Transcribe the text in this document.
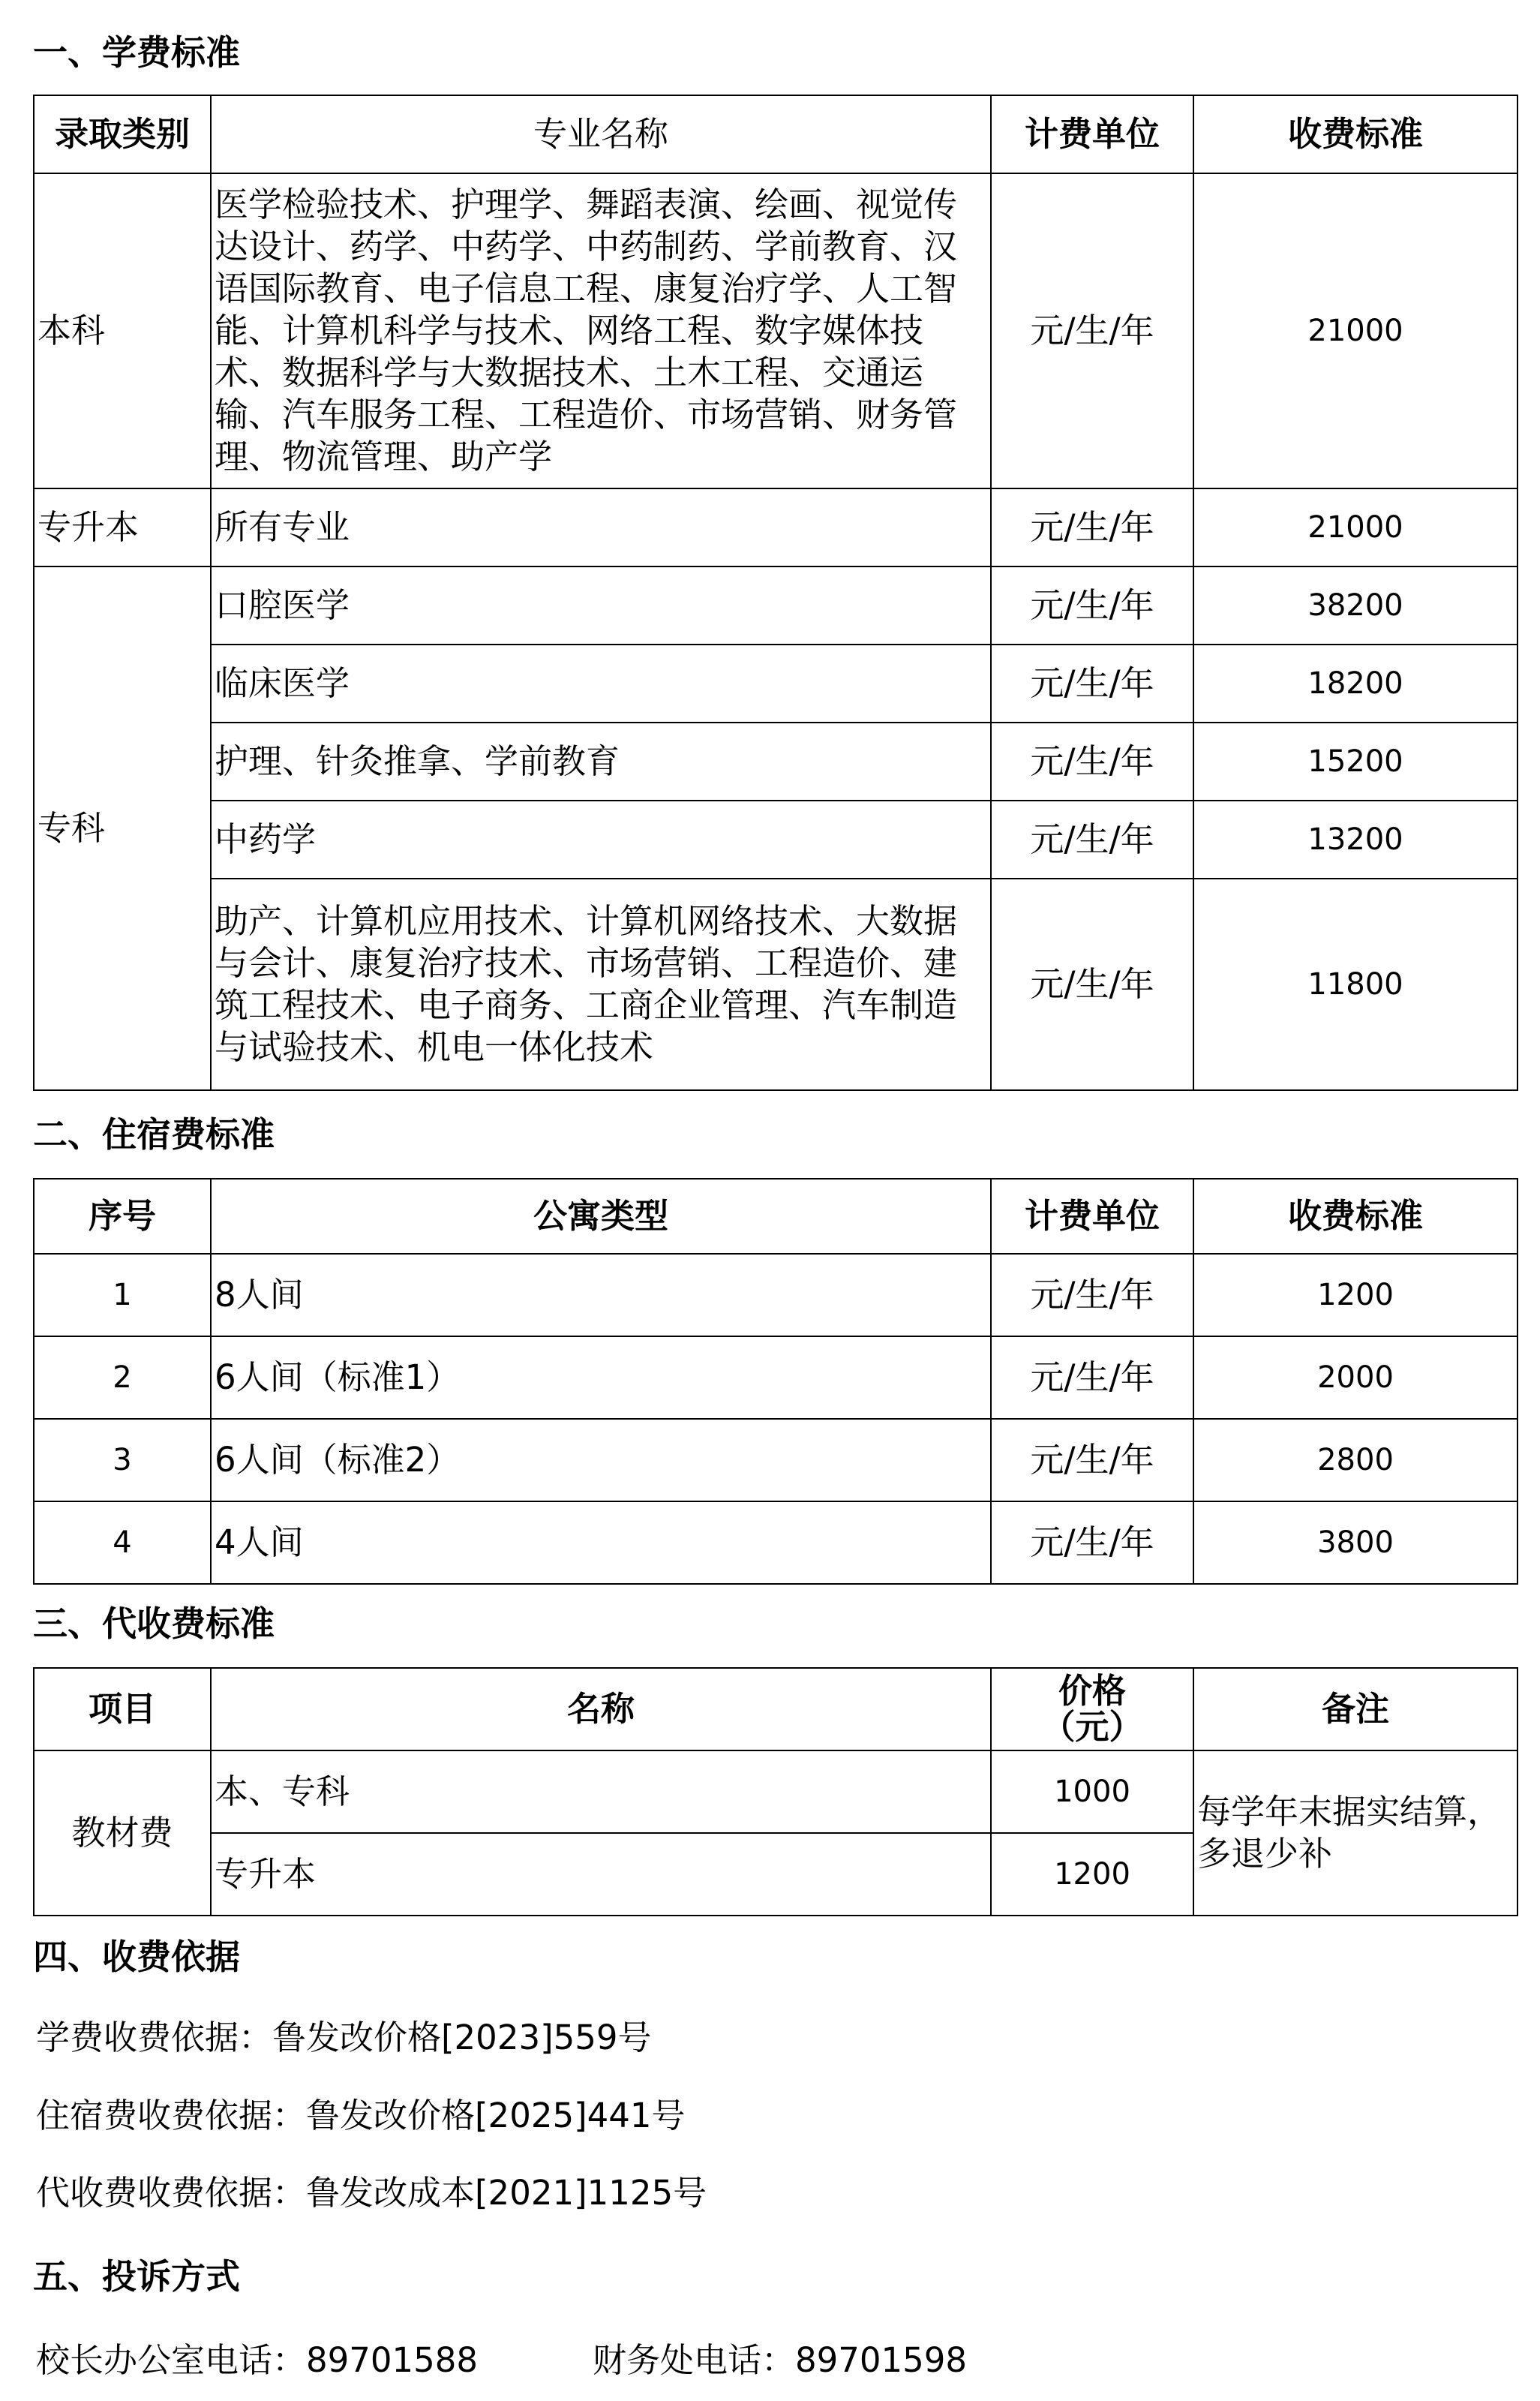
一、学费标准
录取类别	专业名称	计费单位	收费标准
本科	医学检验技术、护理学、舞蹈表演、绘画、视觉传达设计、药学、中药学、中药制药、学前教育、汉语国际教育、电子信息工程、康复治疗学、人工智能、计算机科学与技术、网络工程、数字媒体技术、数据科学与大数据技术、土木工程、交通运输、汽车服务工程、工程造价、市场营销、财务管理、物流管理、助产学	元/生/年	21000
专升本	所有专业	元/生/年	21000
专科	口腔医学	元/生/年	38200
	临床医学	元/生/年	18200
	护理、针灸推拿、学前教育	元/生/年	15200
	中药学	元/生/年	13200
	助产、计算机应用技术、计算机网络技术、大数据与会计、康复治疗技术、市场营销、工程造价、建筑工程技术、电子商务、工商企业管理、汽车制造与试验技术、机电一体化技术	元/生/年	11800
二、住宿费标准
序号	公寓类型	计费单位	收费标准
1	8人间	元/生/年	1200
2	6人间（标准1）	元/生/年	2000
3	6人间（标准2）	元/生/年	2800
4	4人间	元/生/年	3800
三、代收费标准
项目	名称	价格（元）	备注
教材费	本、专科	1000	每学年末据实结算，多退少补
	专升本	1200	
四、收费依据
学费收费依据：鲁发改价格[2023]559号
住宿费收费依据：鲁发改价格[2025]441号
代收费收费依据：鲁发改成本[2021]1125号
五、投诉方式
校长办公室电话：89701588	财务处电话：89701598
